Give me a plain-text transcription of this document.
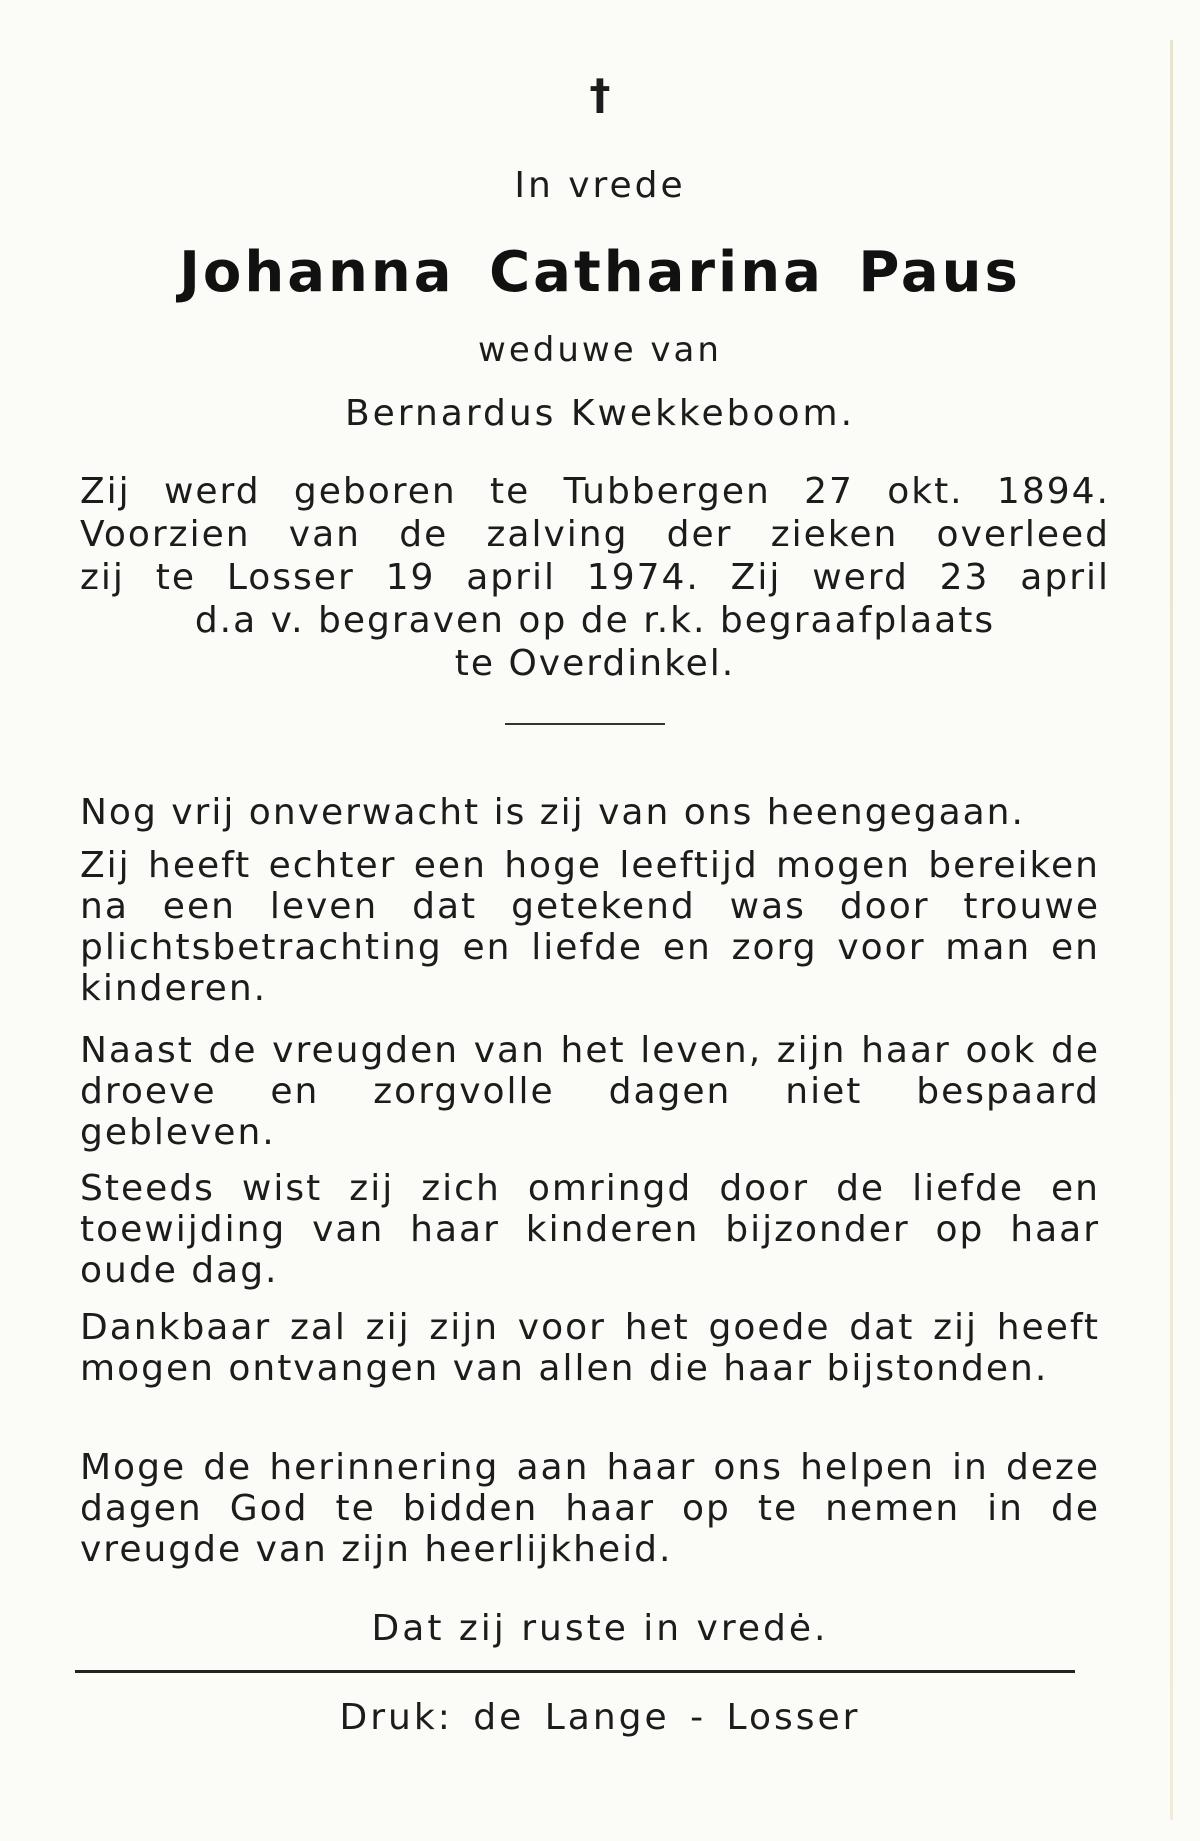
†
In vrede
Johanna Catharina Paus
weduwe van
Bernardus Kwekkeboom.
Zij werd geboren te Tubbergen 27 okt. 1894.
Voorzien van de zalving der zieken overleed
zij te Losser 19 april 1974. Zij werd 23 april
d.a v. begraven op de r.k. begraafplaats
te Overdinkel.
Nog vrij onverwacht is zij van ons heengegaan.
Zij heeft echter een hoge leeftijd mogen bereiken na een leven dat getekend was door trouwe plichtsbetrachting en liefde en zorg voor man en kinderen.
Naast de vreugden van het leven, zijn haar ook de droeve en zorgvolle dagen niet bespaard gebleven.
Steeds wist zij zich omringd door de liefde en toewijding van haar kinderen bijzonder op haar oude dag.
Dankbaar zal zij zijn voor het goede dat zij heeft mogen ontvangen van allen die haar bijstonden.
Moge de herinnering aan haar ons helpen in deze dagen God te bidden haar op te nemen in de vreugde van zijn heerlijkheid.
Dat zij ruste in vredė.
Druk: de Lange - Losser
